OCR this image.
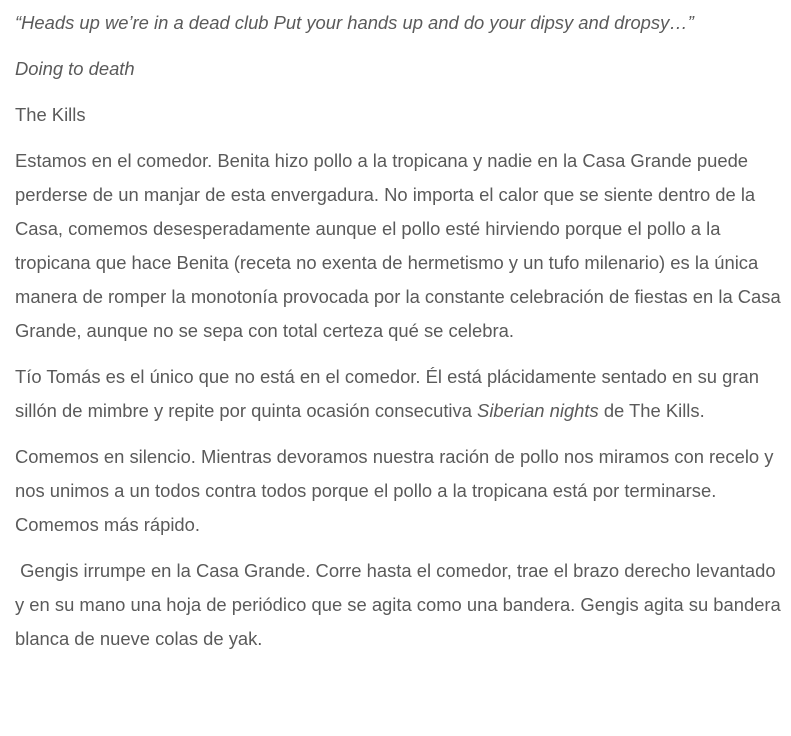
“Heads up we’re in a dead club Put your hands up and do your dipsy and dropsy…”

Doing to death

The Kills

Estamos en el comedor. Benita hizo pollo a la tropicana y nadie en la Casa Grande puede perderse de un manjar de esta envergadura. No importa el calor que se siente dentro de la Casa, comemos desesperadamente aunque el pollo esté hirviendo porque el pollo a la tropicana que hace Benita (receta no exenta de hermetismo y un tufo milenario) es la única manera de romper la monotonía provocada por la constante celebración de fiestas en la Casa Grande, aunque no se sepa con total certeza qué se celebra.

Tío Tomás es el único que no está en el comedor. Él está plácidamente sentado en su gran sillón de mimbre y repite por quinta ocasión consecutiva Siberian nights de The Kills.

Comemos en silencio. Mientras devoramos nuestra ración de pollo nos miramos con recelo y nos unimos a un todos contra todos porque el pollo a la tropicana está por terminarse. Comemos más rápido.

Gengis irrumpe en la Casa Grande. Corre hasta el comedor, trae el brazo derecho levantado y en su mano una hoja de periódico que se agita como una bandera. Gengis agita su bandera blanca de nueve colas de yak.
